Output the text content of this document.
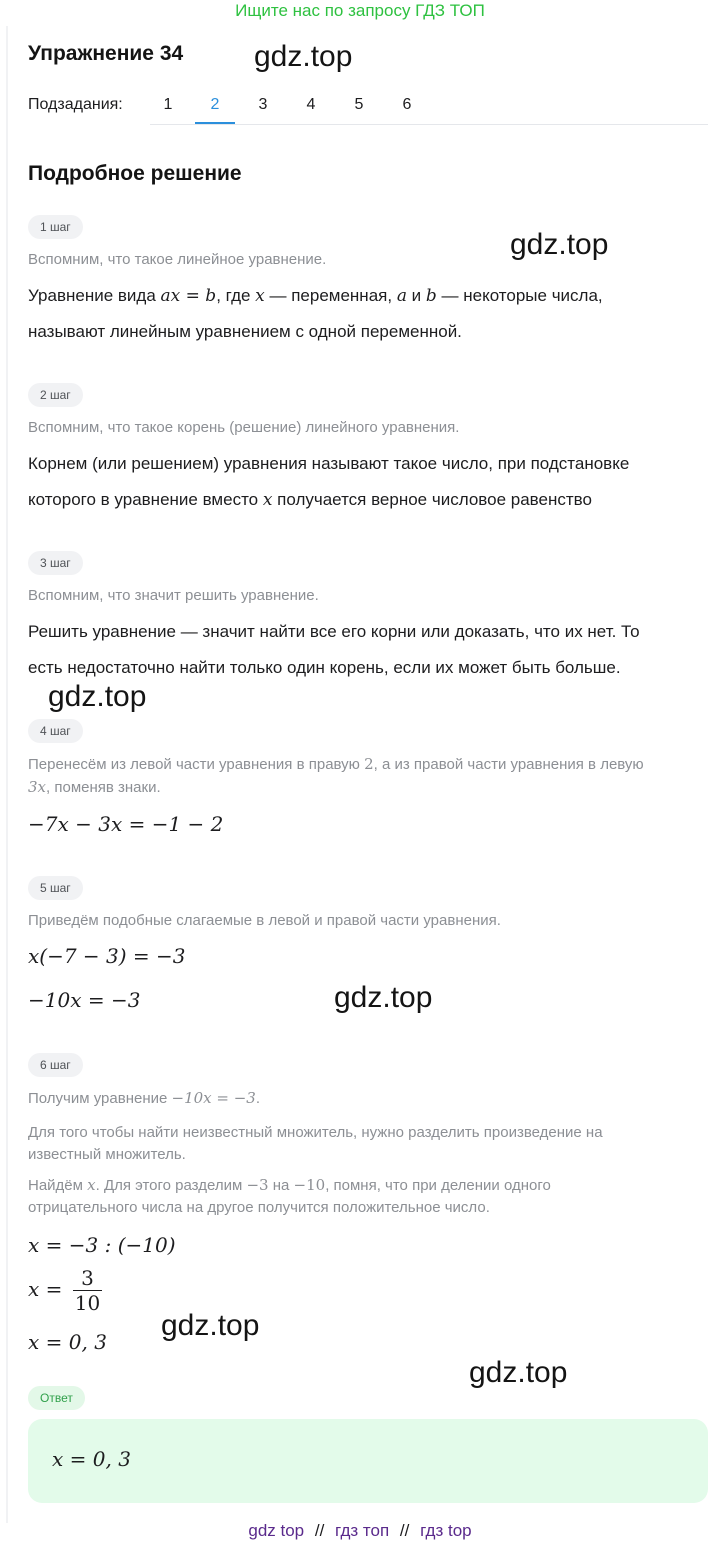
Ищите нас по запросу ГДЗ ТОП
Упражнение 34 gdz.top
Подзадания:	1	2	3	4	5	6
Подробное решение
1 шаг
gdz.top
Вспомним, что такое линейное уравнение.
Уравнение вида ax = b, где x — переменная, a и b — некоторые числа,
называют линейным уравнением с одной переменной.
2 шаг
Вспомним, что такое корень (решение) линейного уравнения.
Корнем (или решением) уравнения называют такое число, при подстановке
которого в уравнение вместо x получается верное числовое равенство
3 шаг
Вспомним, что значит решить уравнение.
Решить уравнение — значит найти все его корни или доказать, что их нет. То
есть недостаточно найти только один корень, если их может быть больше.
gdz.top
4 шаг
Перенесём из левой части уравнения в правую 2, а из правой части уравнения в левую
3x, поменяв знаки.
−7x − 3x = −1 − 2
5 шаг
Приведём подобные слагаемые в левой и правой части уравнения.
x(−7 − 3) = −3
−10x = −3	gdz.top
6 шаг
Получим уравнение −10x = −3.
Для того чтобы найти неизвестный множитель, нужно разделить произведение на
известный множитель.
Найдём x. Для этого разделим −3 на −10, помня, что при делении одного
отрицательного числа на другое получится положительное число.
x = −3 : (−10)
$x = \frac{3}{10}$
x = 0, 3 gdz.top
gdz.top
Ответ
x = 0, 3
gdz top // гдз топ // гдз top
